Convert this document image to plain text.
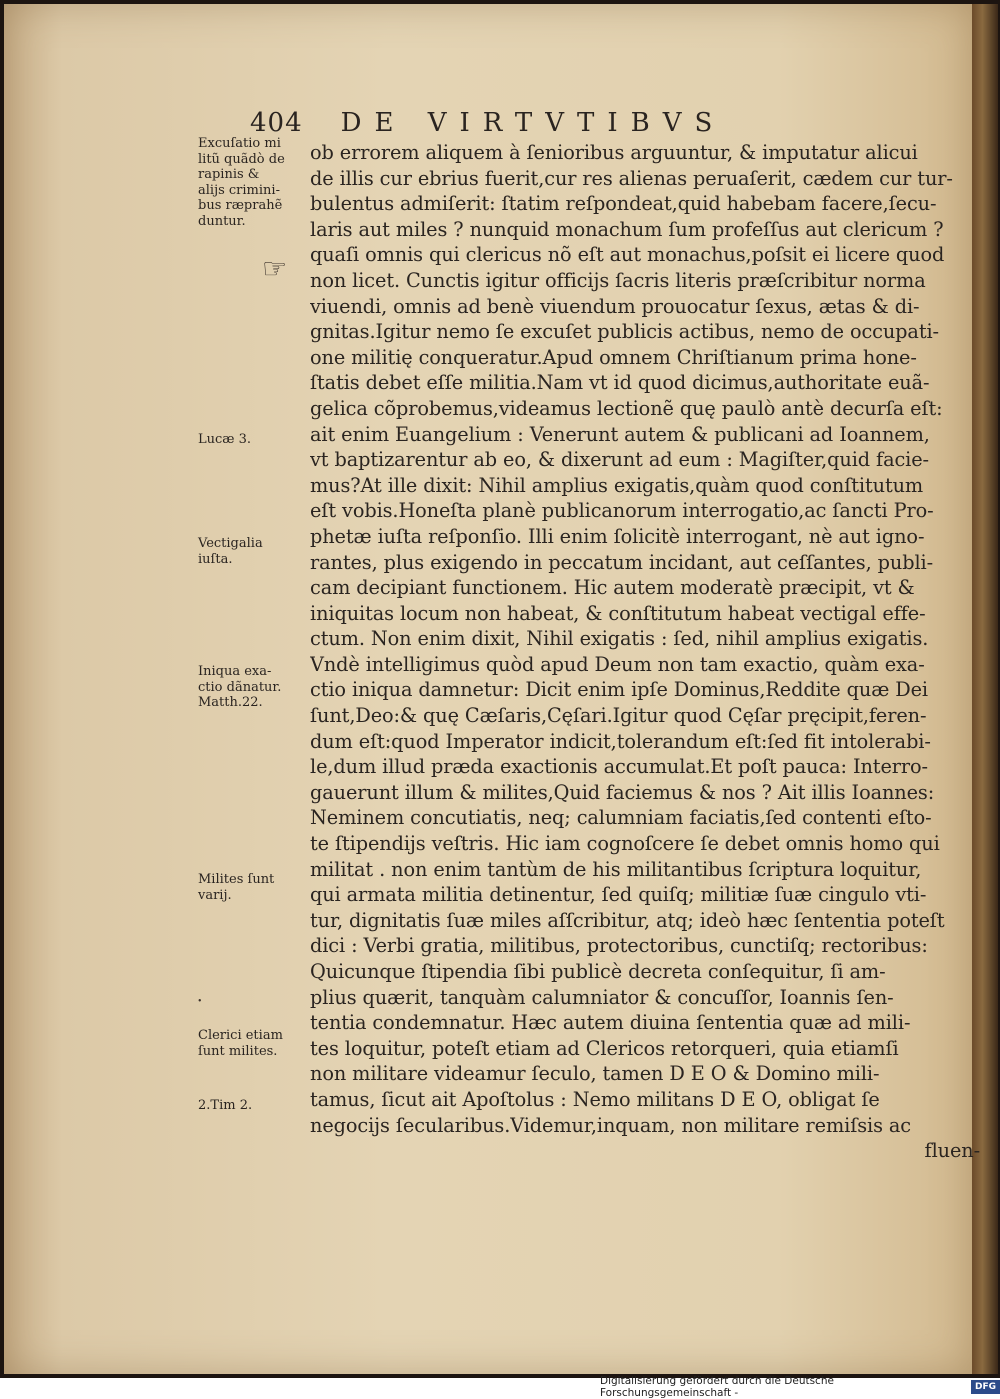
404 DE VIRTVTIBVS
☞
•
Excuſatio mi
litũ quãdò de
rapinis &
alijs crimini-
bus ræprahẽ
duntur.
Lucæ 3.
Vectigalia
iuſta.
Iniqua exa-
ctio dãnatur.
Matth.22.
Milites ſunt
varij.
Clerici etiam
ſunt milites.
2.Tim 2.
ob errorem aliquem à ſenioribus arguuntur, & imputatur alicui
de illis cur ebrius fuerit,cur res alienas peruaſerit, cædem cur tur-
bulentus admiſerit: ſtatim reſpondeat,quid habebam facere,ſecu-
laris aut miles ? nunquid monachum ſum profeſſus aut clericum ?
quaſi omnis qui clericus nõ eſt aut monachus,poſsit ei licere quod
non licet. Cunctis igitur officijs ſacris literis præſcribitur norma
viuendi, omnis ad benè viuendum prouocatur ſexus, ætas & di-
gnitas.Igitur nemo ſe excuſet publicis actibus, nemo de occupati-
one militię conqueratur.Apud omnem Chriſtianum prima hone-
ſtatis debet eſſe militia.Nam vt id quod dicimus,authoritate euã-
gelica cõprobemus,videamus lectionẽ quę paulò antè decurſa eſt:
ait enim Euangelium : Venerunt autem & publicani ad Ioannem,
vt baptizarentur ab eo, & dixerunt ad eum : Magiſter,quid facie-
mus?At ille dixit: Nihil amplius exigatis,quàm quod conſtitutum
eſt vobis.Honeſta planè publicanorum interrogatio,ac ſancti Pro-
phetæ iuſta reſponſio. Illi enim ſolicitè interrogant, nè aut igno-
rantes, plus exigendo in peccatum incidant, aut ceſſantes, publi-
cam decipiant functionem. Hic autem moderatè præcipit, vt &
iniquitas locum non habeat, & conſtitutum habeat vectigal effe-
ctum. Non enim dixit, Nihil exigatis : ſed, nihil amplius exigatis.
Vndè intelligimus quòd apud Deum non tam exactio, quàm exa-
ctio iniqua damnetur: Dicit enim ipſe Dominus,Reddite quæ Dei
ſunt,Deo:& quę Cæſaris,Cęſari.Igitur quod Cęſar pręcipit,feren-
dum eſt:quod Imperator indicit,tolerandum eſt:ſed fit intolerabi-
le,dum illud præda exactionis accumulat.Et poſt pauca: Interro-
gauerunt illum & milites,Quid faciemus & nos ? Ait illis Ioannes:
Neminem concutiatis, neq; calumniam faciatis,ſed contenti eſto-
te ſtipendijs veſtris. Hic iam cognoſcere ſe debet omnis homo qui
militat . non enim tantùm de his militantibus ſcriptura loquitur,
qui armata militia detinentur, ſed quiſq; militiæ ſuæ cingulo vti-
tur, dignitatis ſuæ miles aſſcribitur, atq; ideò hæc ſententia poteſt
dici : Verbi gratia, militibus, protectoribus, cunctiſq; rectoribus:
Quicunque ſtipendia ſibi publicè decreta conſequitur, ſi am-
plius quærit, tanquàm calumniator & concuſſor, Ioannis ſen-
tentia condemnatur. Hæc autem diuina ſententia quæ ad mili-
tes loquitur, poteſt etiam ad Clericos retorqueri, quia etiamſi
non militare videamur ſeculo, tamen D E O & Domino mili-
tamus, ſicut ait Apoſtolus : Nemo militans D E O, obligat ſe
negocijs ſecularibus.Videmur,inquam, non militare remiſsis ac
fluen-
Digitalisierung gefördert durch die Deutsche Forschungsgemeinschaft -	DFG
